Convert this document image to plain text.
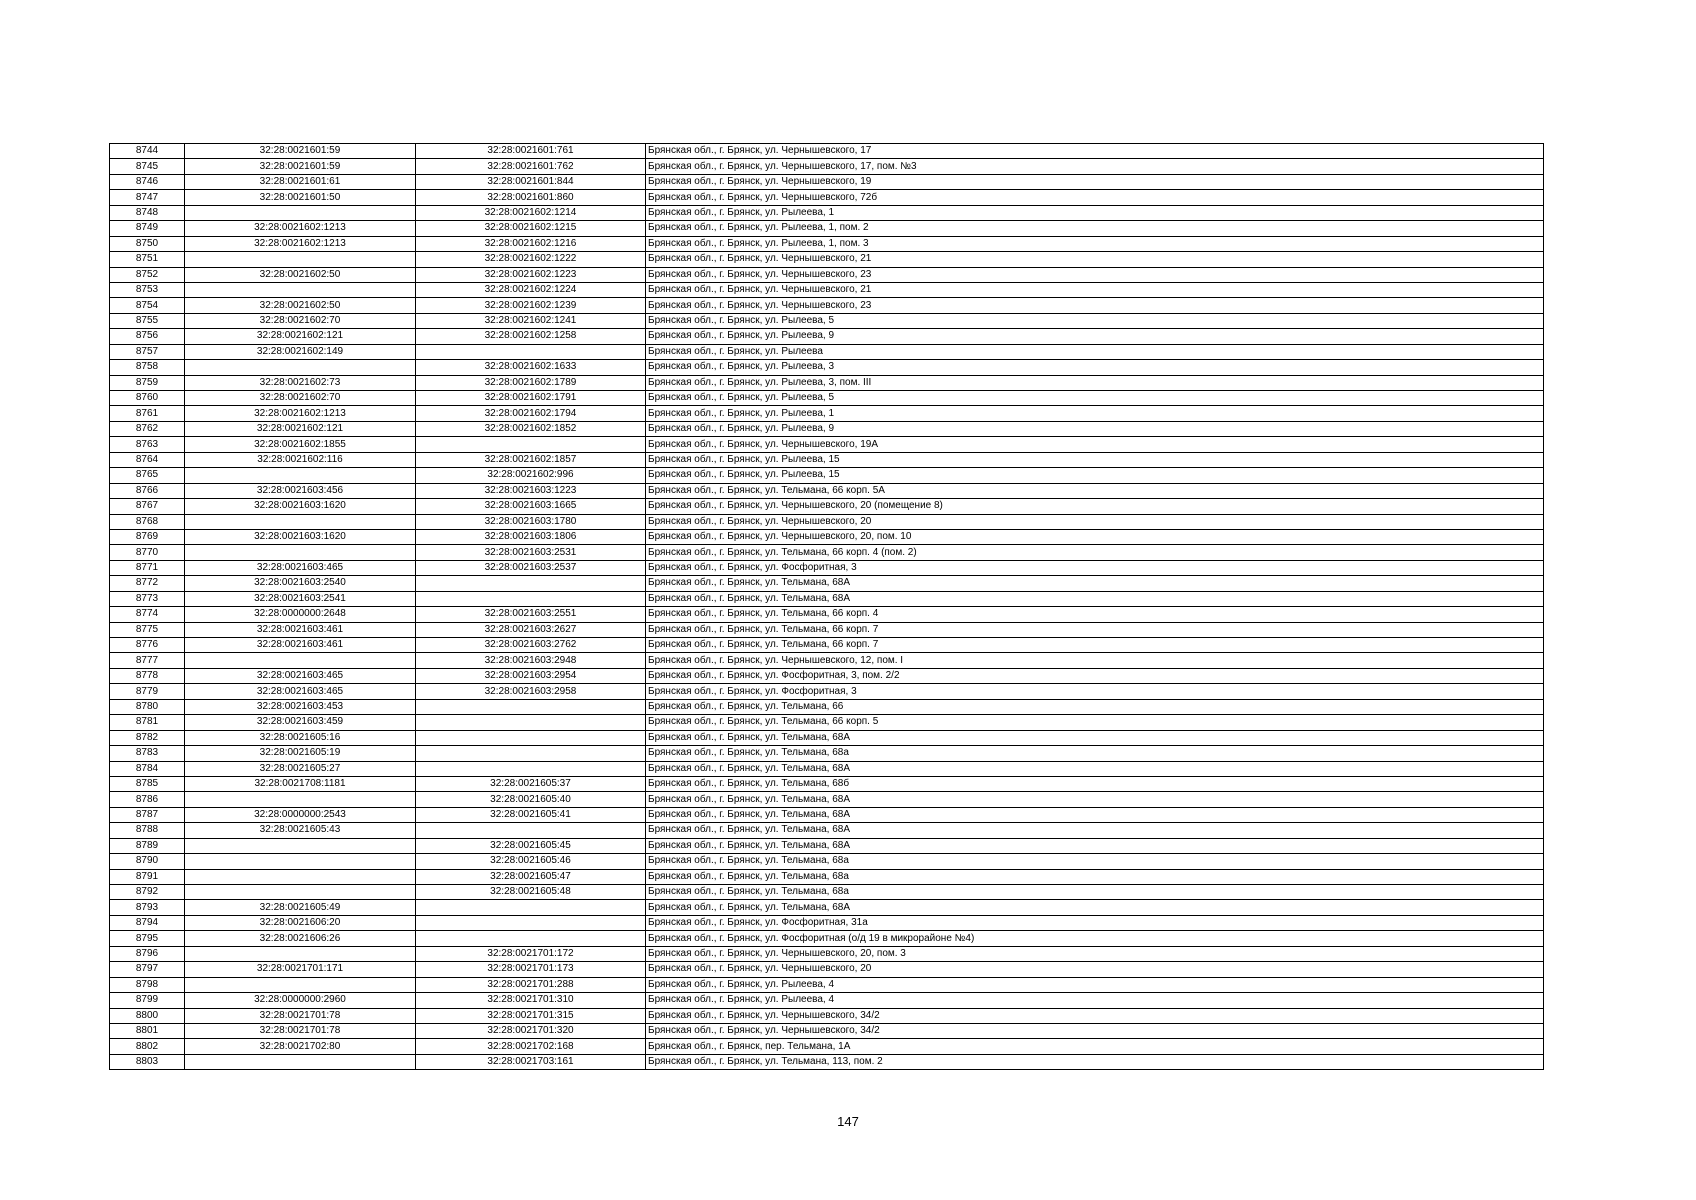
8744	32:28:0021601:59	32:28:0021601:761	Брянская обл., г. Брянск, ул. Чернышевского, 17
8745	32:28:0021601:59	32:28:0021601:762	Брянская обл., г. Брянск, ул. Чернышевского, 17, пом. №3
8746	32:28:0021601:61	32:28:0021601:844	Брянская обл., г. Брянск, ул. Чернышевского, 19
8747	32:28:0021601:50	32:28:0021601:860	Брянская обл., г. Брянск, ул. Чернышевского, 72б
8748		32:28:0021602:1214	Брянская обл., г. Брянск, ул. Рылеева, 1
8749	32:28:0021602:1213	32:28:0021602:1215	Брянская обл., г. Брянск, ул. Рылеева, 1, пом. 2
8750	32:28:0021602:1213	32:28:0021602:1216	Брянская обл., г. Брянск, ул. Рылеева, 1, пом. 3
8751		32:28:0021602:1222	Брянская обл., г. Брянск, ул. Чернышевского, 21
8752	32:28:0021602:50	32:28:0021602:1223	Брянская обл., г. Брянск, ул. Чернышевского, 23
8753		32:28:0021602:1224	Брянская обл., г. Брянск, ул. Чернышевского, 21
8754	32:28:0021602:50	32:28:0021602:1239	Брянская обл., г. Брянск, ул. Чернышевского, 23
8755	32:28:0021602:70	32:28:0021602:1241	Брянская обл., г. Брянск, ул. Рылеева, 5
8756	32:28:0021602:121	32:28:0021602:1258	Брянская обл., г. Брянск, ул. Рылеева, 9
8757	32:28:0021602:149		Брянская обл., г. Брянск, ул. Рылеева
8758		32:28:0021602:1633	Брянская обл., г. Брянск, ул. Рылеева, 3
8759	32:28:0021602:73	32:28:0021602:1789	Брянская обл., г. Брянск, ул. Рылеева, 3, пом. III
8760	32:28:0021602:70	32:28:0021602:1791	Брянская обл., г. Брянск, ул. Рылеева, 5
8761	32:28:0021602:1213	32:28:0021602:1794	Брянская обл., г. Брянск, ул. Рылеева, 1
8762	32:28:0021602:121	32:28:0021602:1852	Брянская обл., г. Брянск, ул. Рылеева, 9
8763	32:28:0021602:1855		Брянская обл., г. Брянск, ул. Чернышевского, 19А
8764	32:28:0021602:116	32:28:0021602:1857	Брянская обл., г. Брянск, ул. Рылеева, 15
8765		32:28:0021602:996	Брянская обл., г. Брянск, ул. Рылеева, 15
8766	32:28:0021603:456	32:28:0021603:1223	Брянская обл., г. Брянск, ул. Тельмана, 66 корп. 5А
8767	32:28:0021603:1620	32:28:0021603:1665	Брянская обл., г. Брянск, ул. Чернышевского, 20 (помещение 8)
8768		32:28:0021603:1780	Брянская обл., г. Брянск, ул. Чернышевского, 20
8769	32:28:0021603:1620	32:28:0021603:1806	Брянская обл., г. Брянск, ул. Чернышевского, 20, пом. 10
8770		32:28:0021603:2531	Брянская обл., г. Брянск, ул. Тельмана, 66 корп. 4 (пом. 2)
8771	32:28:0021603:465	32:28:0021603:2537	Брянская обл., г. Брянск, ул. Фосфоритная, 3
8772	32:28:0021603:2540		Брянская обл., г. Брянск, ул. Тельмана, 68А
8773	32:28:0021603:2541		Брянская обл., г. Брянск, ул. Тельмана, 68А
8774	32:28:0000000:2648	32:28:0021603:2551	Брянская обл., г. Брянск, ул. Тельмана, 66 корп. 4
8775	32:28:0021603:461	32:28:0021603:2627	Брянская обл., г. Брянск, ул. Тельмана, 66 корп. 7
8776	32:28:0021603:461	32:28:0021603:2762	Брянская обл., г. Брянск, ул. Тельмана, 66 корп. 7
8777		32:28:0021603:2948	Брянская обл., г. Брянск, ул. Чернышевского, 12, пом. I
8778	32:28:0021603:465	32:28:0021603:2954	Брянская обл., г. Брянск, ул. Фосфоритная, 3, пом. 2/2
8779	32:28:0021603:465	32:28:0021603:2958	Брянская обл., г. Брянск, ул. Фосфоритная, 3
8780	32:28:0021603:453		Брянская обл., г. Брянск, ул. Тельмана, 66
8781	32:28:0021603:459		Брянская обл., г. Брянск, ул. Тельмана, 66 корп. 5
8782	32:28:0021605:16		Брянская обл., г. Брянск, ул. Тельмана, 68А
8783	32:28:0021605:19		Брянская обл., г. Брянск, ул. Тельмана, 68а
8784	32:28:0021605:27		Брянская обл., г. Брянск, ул. Тельмана, 68А
8785	32:28:0021708:1181	32:28:0021605:37	Брянская обл., г. Брянск, ул. Тельмана, 68б
8786		32:28:0021605:40	Брянская обл., г. Брянск, ул. Тельмана, 68А
8787	32:28:0000000:2543	32:28:0021605:41	Брянская обл., г. Брянск, ул. Тельмана, 68А
8788	32:28:0021605:43		Брянская обл., г. Брянск, ул. Тельмана, 68А
8789		32:28:0021605:45	Брянская обл., г. Брянск, ул. Тельмана, 68А
8790		32:28:0021605:46	Брянская обл., г. Брянск, ул. Тельмана, 68а
8791		32:28:0021605:47	Брянская обл., г. Брянск, ул. Тельмана, 68а
8792		32:28:0021605:48	Брянская обл., г. Брянск, ул. Тельмана, 68а
8793	32:28:0021605:49		Брянская обл., г. Брянск, ул. Тельмана, 68А
8794	32:28:0021606:20		Брянская обл., г. Брянск, ул. Фосфоритная, 31а
8795	32:28:0021606:26		Брянская обл., г. Брянск, ул. Фосфоритная (о/д 19 в микрорайоне №4)
8796		32:28:0021701:172	Брянская обл., г. Брянск, ул. Чернышевского, 20, пом. 3
8797	32:28:0021701:171	32:28:0021701:173	Брянская обл., г. Брянск, ул. Чернышевского, 20
8798		32:28:0021701:288	Брянская обл., г. Брянск, ул. Рылеева, 4
8799	32:28:0000000:2960	32:28:0021701:310	Брянская обл., г. Брянск, ул. Рылеева, 4
8800	32:28:0021701:78	32:28:0021701:315	Брянская обл., г. Брянск, ул. Чернышевского, 34/2
8801	32:28:0021701:78	32:28:0021701:320	Брянская обл., г. Брянск, ул. Чернышевского, 34/2
8802	32:28:0021702:80	32:28:0021702:168	Брянская обл., г. Брянск, пер. Тельмана, 1А
8803		32:28:0021703:161	Брянская обл., г. Брянск, ул. Тельмана, 113, пом. 2
147
